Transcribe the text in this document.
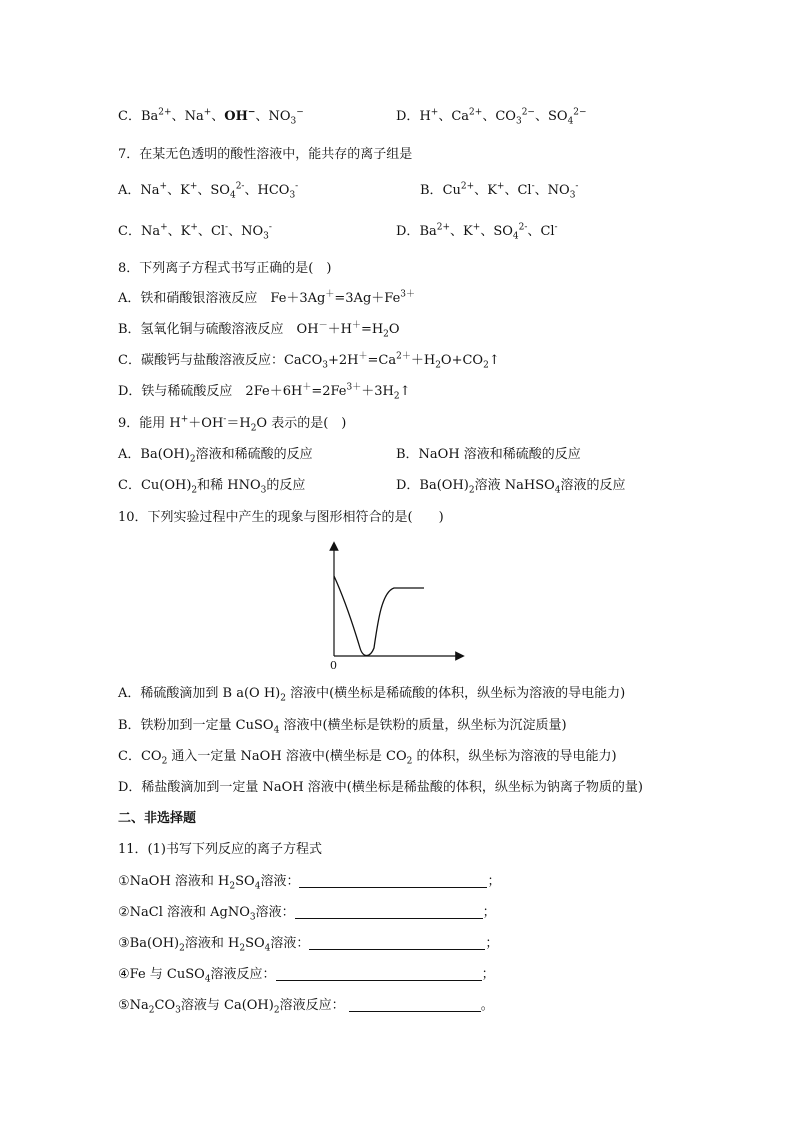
C．$Ba^{2+}$、Na+、OH−、$NO_3^-$	D．H+、$Ca^{2+}$、$CO_3^{2-}$、$SO_4^{2-}$
7．在某无色透明的酸性溶液中，能共存的离子组是
A．Na+、K+、$SO_4^{2-}$、$HCO_3^-$	B．$Cu^{2+}$、K+、Cl-、$NO_3^-$
C．Na+、K+、Cl-、$NO_3^-$	D．$Ba^{2+}$、K+、$SO_4^{2-}$、Cl-
8．下列离子方程式书写正确的是(　)
A．铁和硝酸银溶液反应　$Fe+3Ag^+=3Ag+Fe^{3+}$
B．氢氧化铜与硫酸溶液反应　$OH^-+H^+=H_2O$
C．碳酸钙与盐酸溶液反应：$CaCO_3+2H^+=Ca^{2+}+H_2O+CO_2↑$
D．铁与稀硫酸反应　$2Fe+6H^+=2Fe^{3+}+3H_2↑$
9．能用 $H^++OH^-=H_2O$ 表示的是(　)
A．$Ba(OH)_2$溶液和稀硫酸的反应	B．NaOH 溶液和稀硫酸的反应
C．$Cu(OH)_2$和稀 $HNO_3$的反应	D．$Ba(OH)_2$溶液 NaHSO$_4$溶液的反应
10．下列实验过程中产生的现象与图形相符合的是(　　)
0
A．稀硫酸滴加到 B a(O $H)_2$ 溶液中(横坐标是稀硫酸的体积，纵坐标为溶液的导电能力)
B．铁粉加到一定量 CuSO$_4$ 溶液中(横坐标是铁粉的质量，纵坐标为沉淀质量)
C．$CO_2$ 通入一定量 NaOH 溶液中(横坐标是 $CO_2$ 的体积，纵坐标为溶液的导电能力)
D．稀盐酸滴加到一定量 NaOH 溶液中(横坐标是稀盐酸的体积，纵坐标为钠离子物质的量)
二、非选择题
11．(1)书写下列反应的离子方程式
①NaOH 溶液和 $H_2SO_4$溶液：	；
②NaCl 溶液和 AgNO$_3$溶液：	；
$③Ba(OH)_2$溶液和 $H_2SO_4$溶液：	；
④Fe 与 CuSO$_4$溶液反应：	；
$⑤Na_2CO_3$溶液与 $Ca(OH)_2$溶液反应：	。
